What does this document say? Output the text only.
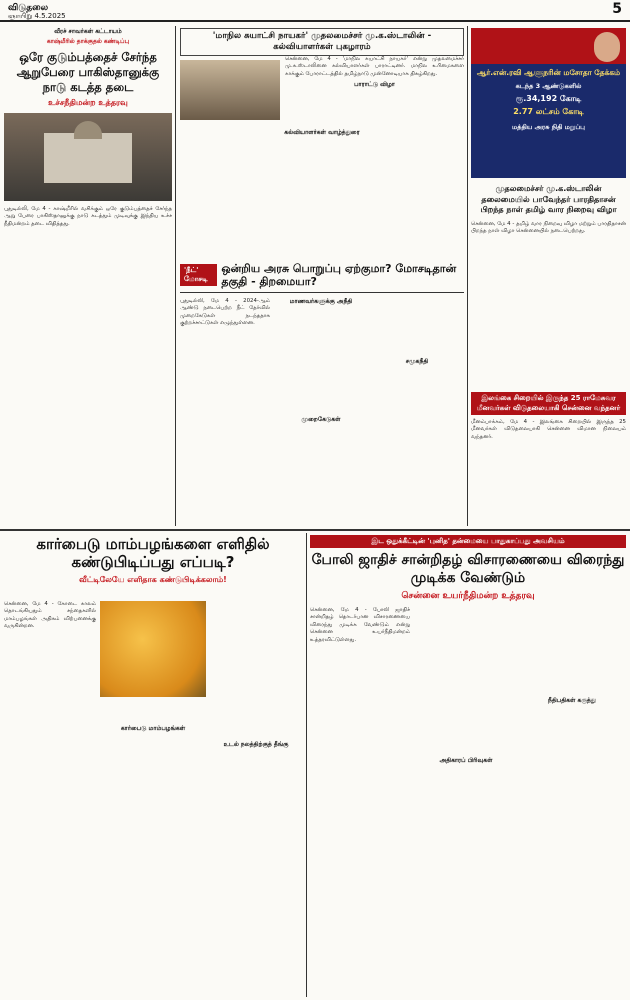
விடுதலை
ஞாயிறு 4.5.2025	5
வீரச் சாவர்கள் கட்டாயம்
காஷ்மீரில் தாக்குதல் கண்டிப்பு
ஒரே குடும்பத்தைச் சேர்ந்த ஆறுபேரை பாகிஸ்தானுக்கு நாடு கடத்த தடை
உச்சநீதிமன்ற உத்தரவு
புதுடில்லி, மே 4 - காஷ்மீரில் வசிக்கும் ஒரே குடும்பத்தைச் சேர்ந்த ஆறு பேரை பாகிஸ்தானுக்கு நாடு கடத்தும் முடிவுக்கு இந்திய உச்ச நீதிமன்றம் தடை விதித்தது.
'மாநில சுயாட்சி நாயகர்' முதலமைச்சர் மு.க.ஸ்டாலின் - கல்வியாளர்கள் புகழாரம்
சென்னை, மே 4 - 'மாநில சுயாட்சி நாயகர்' என்று முதலமைச்சர் மு.க.ஸ்டாலினை கல்வியாளர்கள் பாராட்டினர். மாநில உரிமைகளை காக்கும் போராட்டத்தில் தமிழ்நாடு முன்னோடியாக திகழ்கிறது.
பாராட்டு விழா
கல்வியாளர்கள் வாழ்த்துரை
'நீட்' மோசடி
ஒன்றிய அரசு பொறுப்பு ஏற்குமா? மோசடிதான் தகுதி - திறமையா?
புதுடில்லி, மே 4 - 2024-ஆம் ஆண்டு நடைபெற்ற நீட் தேர்வில் முறைகேடுகள் நடந்ததாக குற்றச்சாட்டுகள் எழுந்துள்ளன.
மாணவர்களுக்கு அநீதி
முறைகேடுகள்
சமூகநீதி
ஆர்.என்.ரவி ஆளுநரின் மசோதா தேக்கம்
கடந்த 3 ஆண்டுகளில்
ரூ.34,192 கோடி
2.77 லட்சம் கோடி
மத்திய அரசு நிதி மறுப்பு
முதலமைச்சர் மு.க.ஸ்டாலின் தலைமையில் பாவேந்தர் பாரதிதாசன் பிறந்த நாள் தமிழ் வார நிறைவு விழா
சென்னை, மே 4 - தமிழ் வார நிறைவு விழா மற்றும் பாரதிதாசன் பிறந்த நாள் விழா சென்னையில் நடைபெற்றது.
இலங்கை சிறையில் இருந்த 25 ராமேசுவர மீனவர்கள் விடுதலையாகி சென்னை வந்தனர்
மீனம்பாக்கம், மே 4 - இலங்கை சிறையில் இருந்த 25 மீனவர்கள் விடுதலையாகி சென்னை விமான நிலையம் வந்தனர்.
கார்பைடு மாம்பழங்களை எளிதில் கண்டுபிடிப்பது எப்படி?
வீட்டிலேயே எளிதாக கண்டுபிடிக்கலாம்!
சென்னை, மே 4 - கோடை காலம் தொடங்கியதும் சந்தைகளில் மாம்பழங்கள் அதிகம் விற்பனைக்கு வருகின்றன.
உடல் நலத்திற்குத் தீங்கு
கார்பைடு மாம்பழங்கள்
இட ஒதுக்கீட்டின் 'புனித' தன்மையை பாதுகாப்பது அவசியம்
போலி ஜாதிச் சான்றிதழ் விசாரணையை விரைந்து முடிக்க வேண்டும்
சென்னை உயர்நீதிமன்ற உத்தரவு
சென்னை, மே 4 - போலி ஜாதிச் சான்றிதழ் தொடர்பான விசாரணையை விரைந்து முடிக்க வேண்டும் என்று சென்னை உயர்நீதிமன்றம் உத்தரவிட்டுள்ளது.
அதிகாரப் பிரிவுகள்
நீதிபதிகள் கருத்து
